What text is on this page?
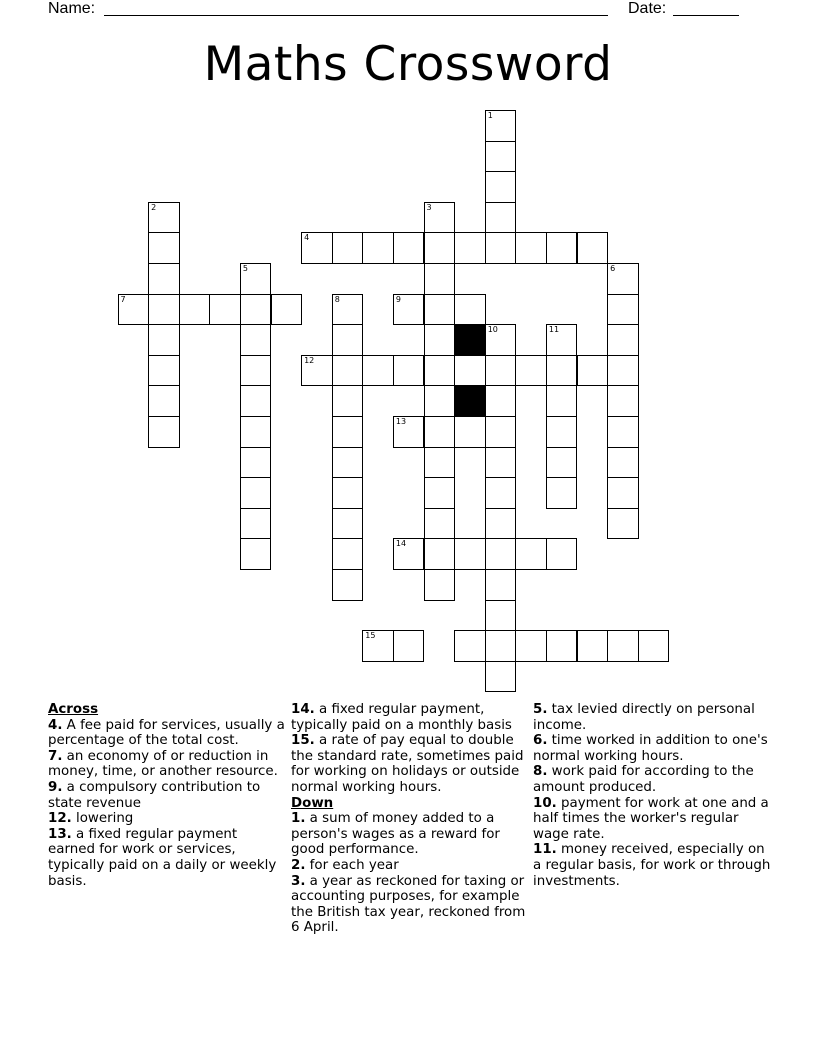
Name:	Date:
Maths Crossword
1
2	3
4
5	6
7	8	9
10	11
12
13
14
15
Across
4. A fee paid for services, usually a percentage of the total cost.
7. an economy of or reduction in money, time, or another resource.
9. a compulsory contribution to state revenue
12. lowering
13. a fixed regular payment earned for work or services, typically paid on a daily or weekly basis.
14. a fixed regular payment, typically paid on a monthly basis
15. a rate of pay equal to double the standard rate, sometimes paid for working on holidays or outside normal working hours.
Down
1. a sum of money added to a person's wages as a reward for good performance.
2. for each year
3. a year as reckoned for taxing or accounting purposes, for example the British tax year, reckoned from 6 April.
5. tax levied directly on personal income.
6. time worked in addition to one's normal working hours.
8. work paid for according to the amount produced.
10. payment for work at one and a half times the worker's regular wage rate.
11. money received, especially on a regular basis, for work or through investments.
